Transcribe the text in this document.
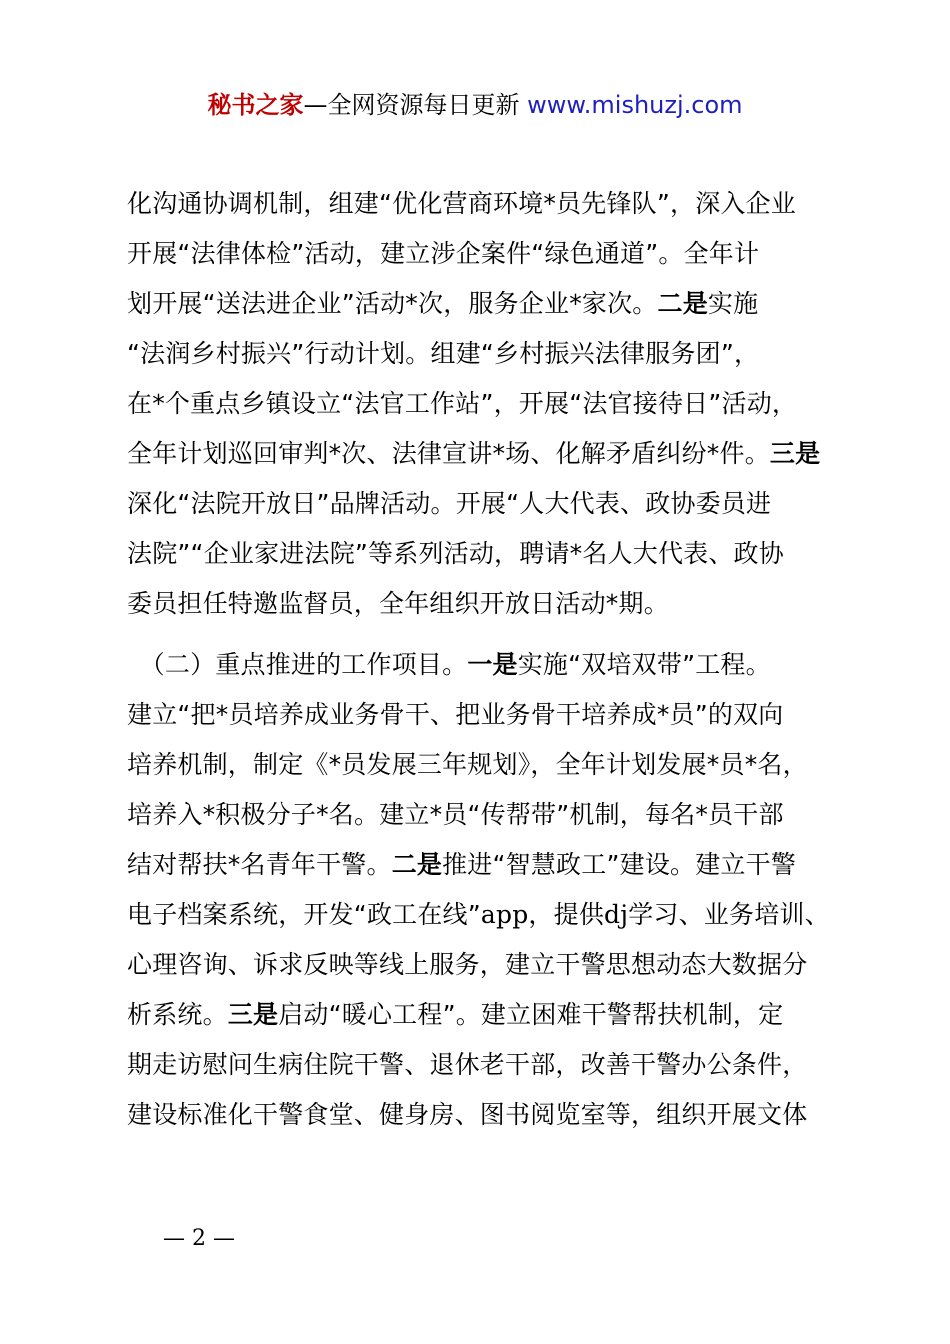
秘书之家—全网资源每日更新 www.mishuzj.com
化沟通协调机制，组建“优化营商环境*员先锋队”，深入企业
开展“法律体检”活动，建立涉企案件“绿色通道”。全年计
划开展“送法进企业”活动*次，服务企业*家次。二是实施
“法润乡村振兴”行动计划。组建“乡村振兴法律服务团”，
在*个重点乡镇设立“法官工作站”，开展“法官接待日”活动，
全年计划巡回审判*次、法律宣讲*场、化解矛盾纠纷*件。三是
深化“法院开放日”品牌活动。开展“人大代表、政协委员进
法院”“企业家进法院”等系列活动，聘请*名人大代表、政协
委员担任特邀监督员，全年组织开放日活动*期。
　（二）重点推进的工作项目。一是实施“双培双带”工程。
建立“把*员培养成业务骨干、把业务骨干培养成*员”的双向
培养机制，制定《*员发展三年规划》，全年计划发展*员*名，
培养入*积极分子*名。建立*员“传帮带”机制，每名*员干部
结对帮扶*名青年干警。二是推进“智慧政工”建设。建立干警
电子档案系统，开发“政工在线”app，提供dj学习、业务培训、
心理咨询、诉求反映等线上服务，建立干警思想动态大数据分
析系统。三是启动“暖心工程”。建立困难干警帮扶机制，定
期走访慰问生病住院干警、退休老干部，改善干警办公条件，
建设标准化干警食堂、健身房、图书阅览室等，组织开展文体
— 2 —
